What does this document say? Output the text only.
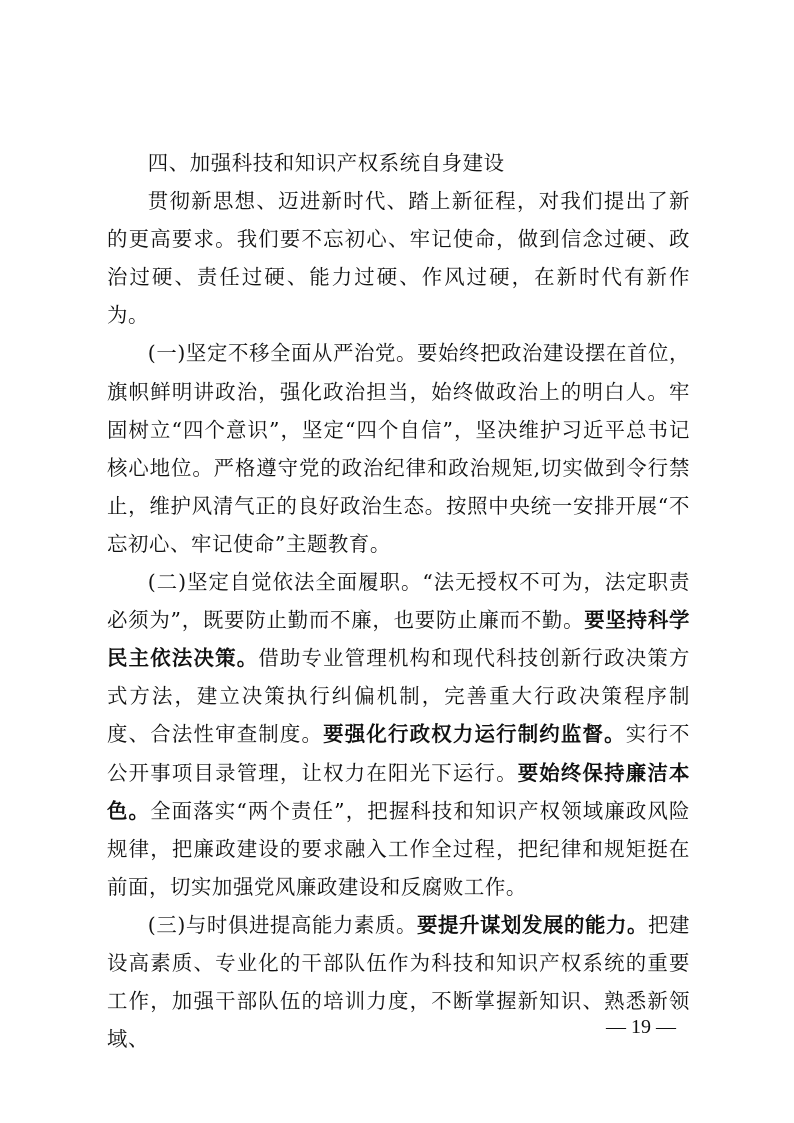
四、加强科技和知识产权系统自身建设

贯彻新思想、迈进新时代、踏上新征程，对我们提出了新的更高要求。我们要不忘初心、牢记使命，做到信念过硬、政治过硬、责任过硬、能力过硬、作风过硬，在新时代有新作为。

(一)坚定不移全面从严治党。要始终把政治建设摆在首位，旗帜鲜明讲政治，强化政治担当，始终做政治上的明白人。牢固树立“四个意识”，坚定“四个自信”，坚决维护习近平总书记核心地位。严格遵守党的政治纪律和政治规矩,切实做到令行禁止，维护风清气正的良好政治生态。按照中央统一安排开展“不忘初心、牢记使命”主题教育。

(二)坚定自觉依法全面履职。“法无授权不可为，法定职责必须为”，既要防止勤而不廉，也要防止廉而不勤。要坚持科学民主依法决策。借助专业管理机构和现代科技创新行政决策方式方法，建立决策执行纠偏机制，完善重大行政决策程序制度、合法性审查制度。要强化行政权力运行制约监督。实行不公开事项目录管理，让权力在阳光下运行。要始终保持廉洁本色。全面落实“两个责任”，把握科技和知识产权领域廉政风险规律，把廉政建设的要求融入工作全过程，把纪律和规矩挺在前面，切实加强党风廉政建设和反腐败工作。

(三)与时俱进提高能力素质。要提升谋划发展的能力。把建设高素质、专业化的干部队伍作为科技和知识产权系统的重要工作，加强干部队伍的培训力度，不断掌握新知识、熟悉新领域、

— 19 —
